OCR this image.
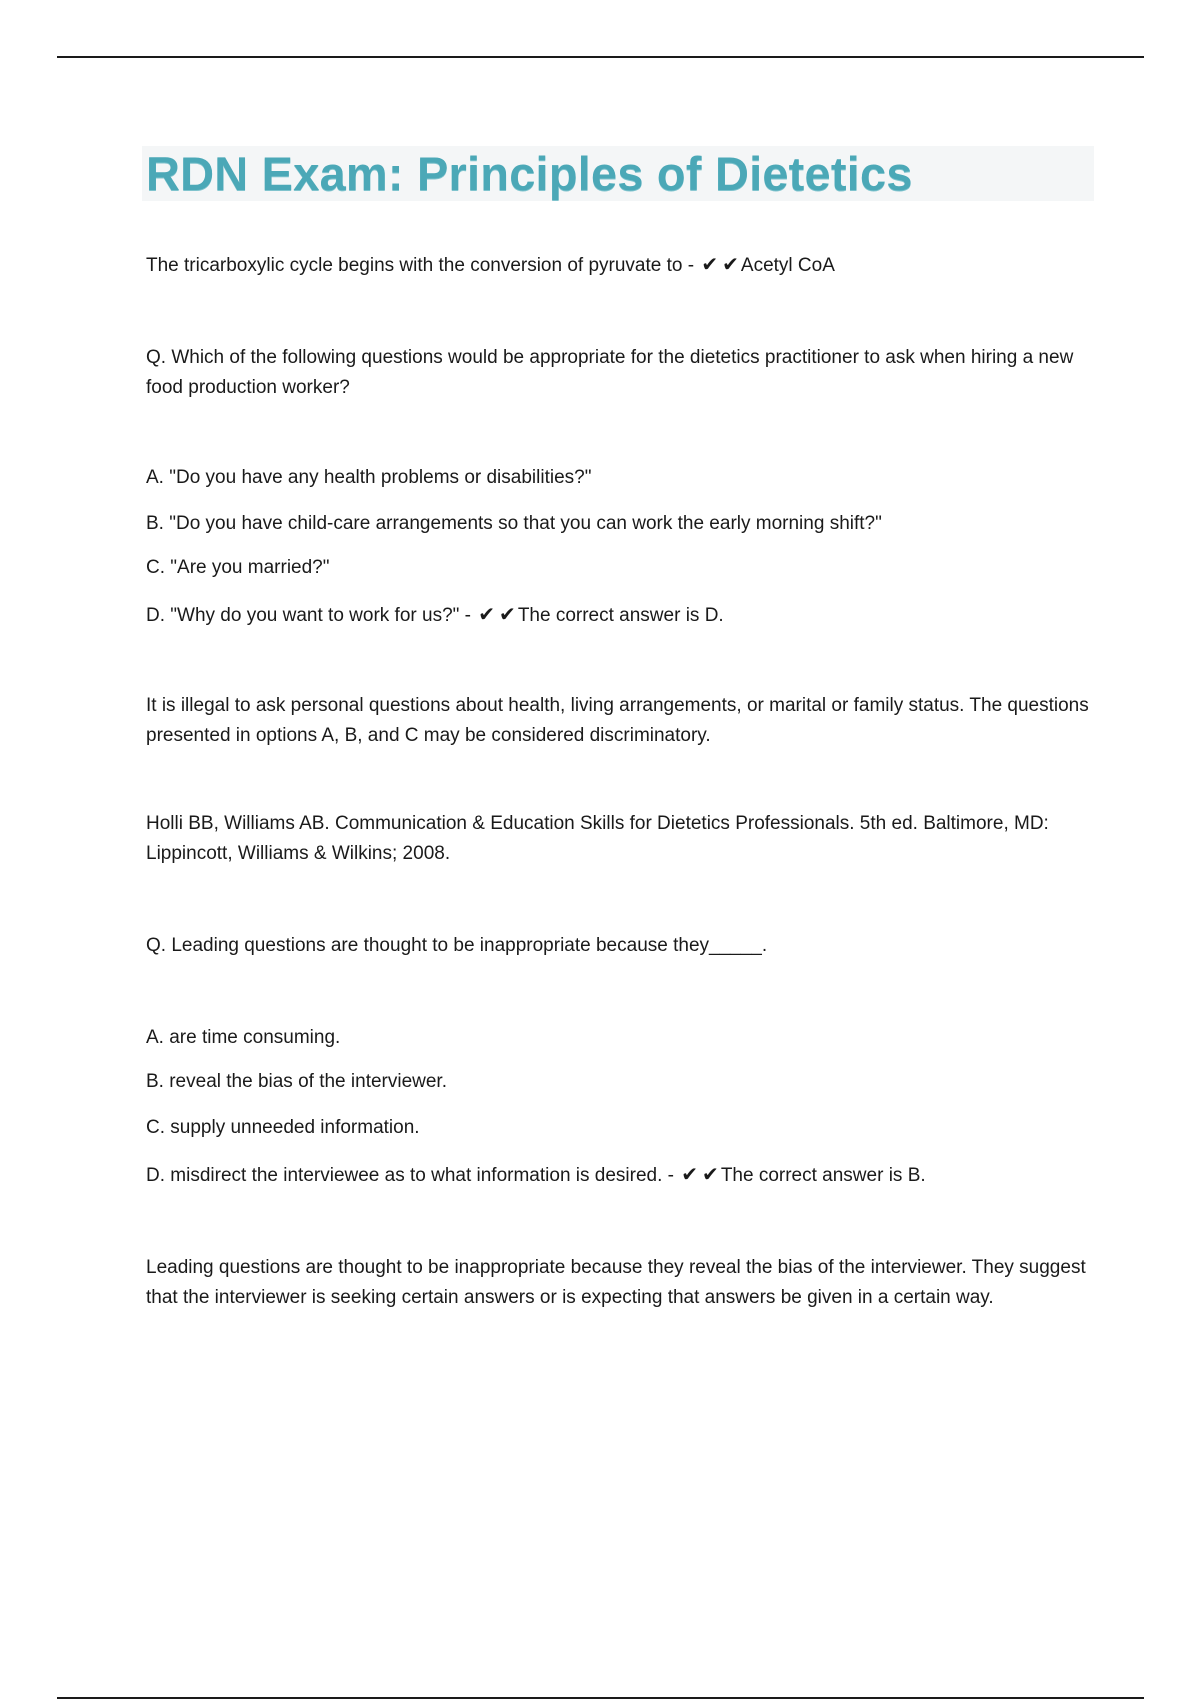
RDN Exam: Principles of Dietetics

The tricarboxylic cycle begins with the conversion of pyruvate to - ✔ ✔ Acetyl CoA

Q. Which of the following questions would be appropriate for the dietetics practitioner to ask when hiring a new food production worker?

A. "Do you have any health problems or disabilities?"

B. "Do you have child-care arrangements so that you can work the early morning shift?"

C. "Are you married?"

D. "Why do you want to work for us?" - ✔ ✔ The correct answer is D.

It is illegal to ask personal questions about health, living arrangements, or marital or family status. The questions presented in options A, B, and C may be considered discriminatory.

Holli BB, Williams AB. Communication & Education Skills for Dietetics Professionals. 5th ed. Baltimore, MD: Lippincott, Williams & Wilkins; 2008.

Q. Leading questions are thought to be inappropriate because they_____.

A. are time consuming.

B. reveal the bias of the interviewer.

C. supply unneeded information.

D. misdirect the interviewee as to what information is desired. - ✔ ✔ The correct answer is B.

Leading questions are thought to be inappropriate because they reveal the bias of the interviewer. They suggest that the interviewer is seeking certain answers or is expecting that answers be given in a certain way.
